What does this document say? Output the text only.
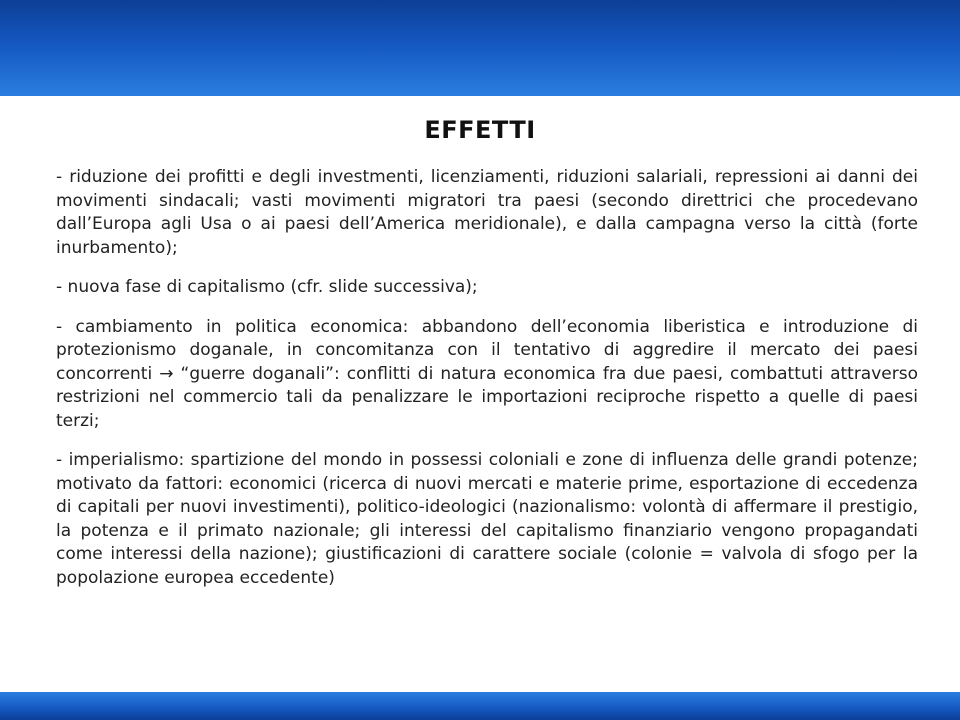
EFFETTI

- riduzione dei profitti e degli investmenti, licenziamenti, riduzioni salariali, repressioni ai danni dei movimenti sindacali; vasti movimenti migratori tra paesi (secondo direttrici che procedevano dall’Europa agli Usa o ai paesi dell’America meridionale), e dalla campagna verso la città (forte inurbamento);

- nuova fase di capitalismo (cfr. slide successiva);

- cambiamento in politica economica: abbandono dell’economia liberistica e introduzione di protezionismo doganale, in concomitanza con il tentativo di aggredire il mercato dei paesi concorrenti → “guerre doganali”: conflitti di natura economica fra due paesi, combattuti attraverso restrizioni nel commercio tali da penalizzare le importazioni reciproche rispetto a quelle di paesi terzi;

- imperialismo: spartizione del mondo in possessi coloniali e zone di influenza delle grandi potenze; motivato da fattori: economici (ricerca di nuovi mercati e materie prime, esportazione di eccedenza di capitali per nuovi investimenti), politico-ideologici (nazionalismo: volontà di affermare il prestigio, la potenza e il primato nazionale; gli interessi del capitalismo finanziario vengono propagandati come interessi della nazione); giustificazioni di carattere sociale (colonie = valvola di sfogo per la popolazione europea eccedente)
